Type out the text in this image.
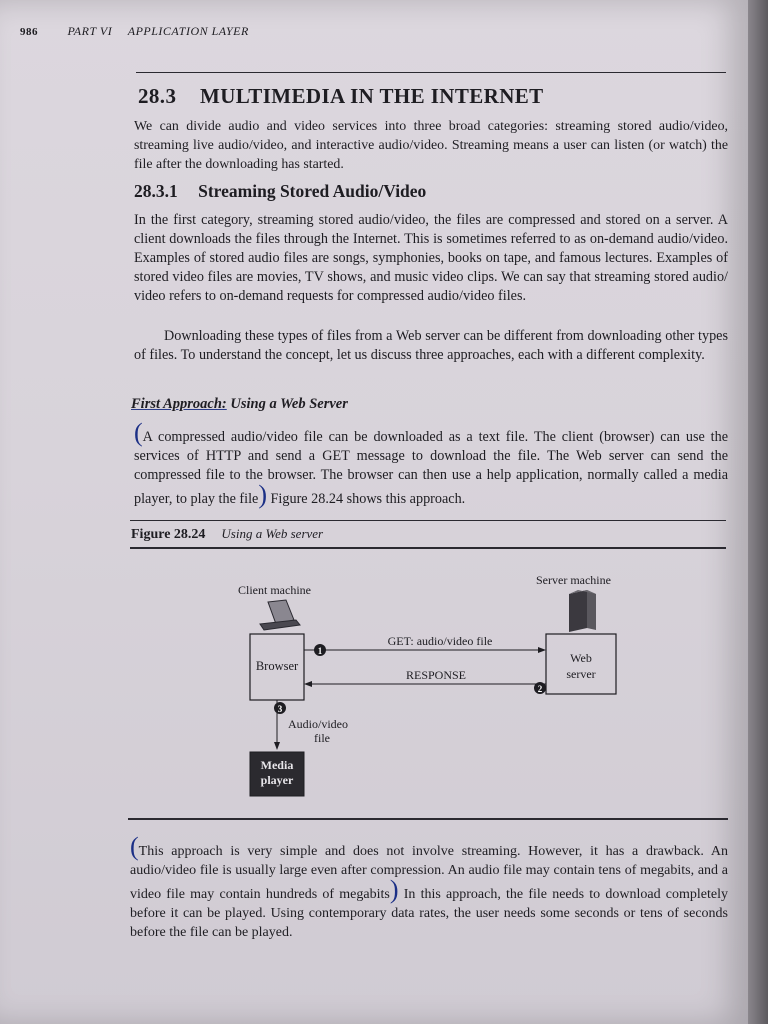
986 PART VI APPLICATION LAYER
28.3 MULTIMEDIA IN THE INTERNET

We can divide audio and video services into three broad categories: streaming stored audio/video, streaming live audio/video, and interactive audio/video. Streaming means a user can listen (or watch) the file after the downloading has started.

28.3.1 Streaming Stored Audio/Video

In the first category, streaming stored audio/video, the files are compressed and stored on a server. A client downloads the files through the Internet. This is sometimes referred to as on-demand audio/video. Examples of stored audio files are songs, symphonies, books on tape, and famous lectures. Examples of stored video files are movies, TV shows, and music video clips. We can say that streaming stored audio/ video refers to on-demand requests for compressed audio/video files.

Downloading these types of files from a Web server can be different from downloading other types of files. To understand the concept, let us discuss three approaches, each with a different complexity.

First Approach: Using a Web Server

(A compressed audio/video file can be downloaded as a text file. The client (browser) can use the services of HTTP and send a GET message to download the file. The Web server can send the compressed file to the browser. The browser can then use a help application, normally called a media player, to play the file) Figure 28.24 shows this approach.

Figure 28.24 Using a Web server
Client machine
Server machine
Browser
Web
server
GET: audio/video file
1
RESPONSE
2
3
Audio/video
file
Media
player

(This approach is very simple and does not involve streaming. However, it has a drawback. An audio/video file is usually large even after compression. An audio file may contain tens of megabits, and a video file may contain hundreds of megabits) In this approach, the file needs to download completely before it can be played. Using contemporary data rates, the user needs some seconds or tens of seconds before the file can be played.
